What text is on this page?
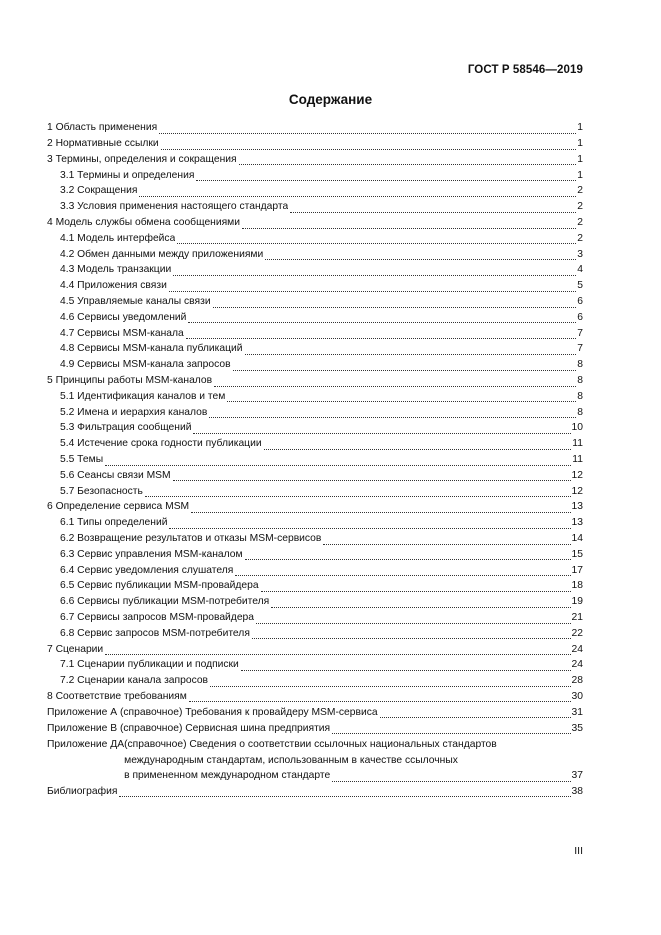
ГОСТ Р 58546—2019
Содержание
1 Область применения	1
2 Нормативные ссылки	1
3 Термины, определения и сокращения	1
3.1 Термины и определения	1
3.2 Сокращения	2
3.3 Условия применения настоящего стандарта	2
4 Модель службы обмена сообщениями	2
4.1 Модель интерфейса	2
4.2 Обмен данными между приложениями	3
4.3 Модель транзакции	4
4.4 Приложения связи	5
4.5 Управляемые каналы связи	6
4.6 Сервисы уведомлений	6
4.7 Сервисы MSM-канала	7
4.8 Сервисы MSM-канала публикаций	7
4.9 Сервисы MSM-канала запросов	8
5 Принципы работы MSM-каналов	8
5.1 Идентификация каналов и тем	8
5.2 Имена и иерархия каналов	8
5.3 Фильтрация сообщений	10
5.4 Истечение срока годности публикации	11
5.5 Темы	11
5.6 Сеансы связи MSM	12
5.7 Безопасность	12
6 Определение сервиса MSM	13
6.1 Типы определений	13
6.2 Возвращение результатов и отказы MSM-сервисов	14
6.3 Сервис управления MSM-каналом	15
6.4 Сервис уведомления слушателя	17
6.5 Сервис публикации MSM-провайдера	18
6.6 Сервисы публикации MSM-потребителя	19
6.7 Сервисы запросов MSM-провайдера	21
6.8 Сервис запросов MSM-потребителя	22
7 Сценарии	24
7.1 Сценарии публикации и подписки	24
7.2 Сценарии канала запросов	28
8 Соответствие требованиям	30
Приложение А (справочное) Требования к провайдеру MSM-сервиса	31
Приложение В (справочное) Сервисная шина предприятия	35
Приложение ДА (справочное) Сведения о соответствии ссылочных национальных стандартов
международным стандартам, использованным в качестве ссылочных
в примененном международном стандарте	37
Библиография	38
III
